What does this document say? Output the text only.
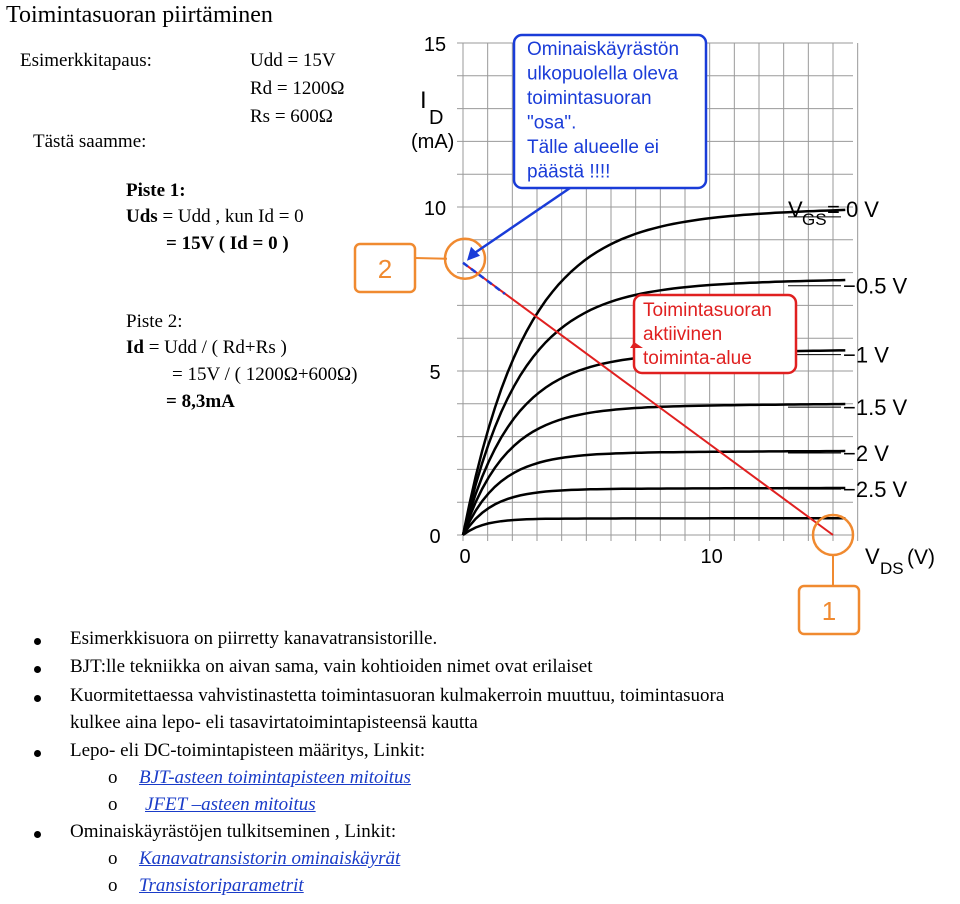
Toimintasuoran piirtäminen
Esimerkkitapaus:	Udd = 15V
Rd = 1200Ω
Rs = 600Ω
Tästä saamme:
Piste 1:
Uds = Udd , kun Id = 0
= 15V ( Id = 0 )
Piste 2:
Id = Udd / ( Rd+Rs )
= 15V / ( 1200Ω+600Ω)
= 8,3mA
15
10
5
0
0	10
I
D
(mA)
V DS (V)
V GS = 0 V
−0.5 V
−1 V
−1.5 V
−2 V
−2.5 V
Ominaiskäyrästön
ulkopuolella oleva
toimintasuoran
"osa".
Tälle alueelle ei
päästä !!!!
Toimintasuoran
aktiivinen
toiminta-alue
2
1
Esimerkkisuora on piirretty kanavatransistorille.
BJT:lle tekniikka on aivan sama, vain kohtioiden nimet ovat erilaiset
Kuormitettaessa vahvistinastetta toimintasuoran kulmakerroin muuttuu, toimintasuora
kulkee aina lepo- eli tasavirtatoimintapisteensä kautta
Lepo- eli DC-toimintapisteen määritys, Linkit:
o BJT-asteen toimintapisteen mitoitus
o JFET –asteen mitoitus
Ominaiskäyrästöjen tulkitseminen , Linkit:
o Kanavatransistorin ominaiskäyrät
o Transistoriparametrit
